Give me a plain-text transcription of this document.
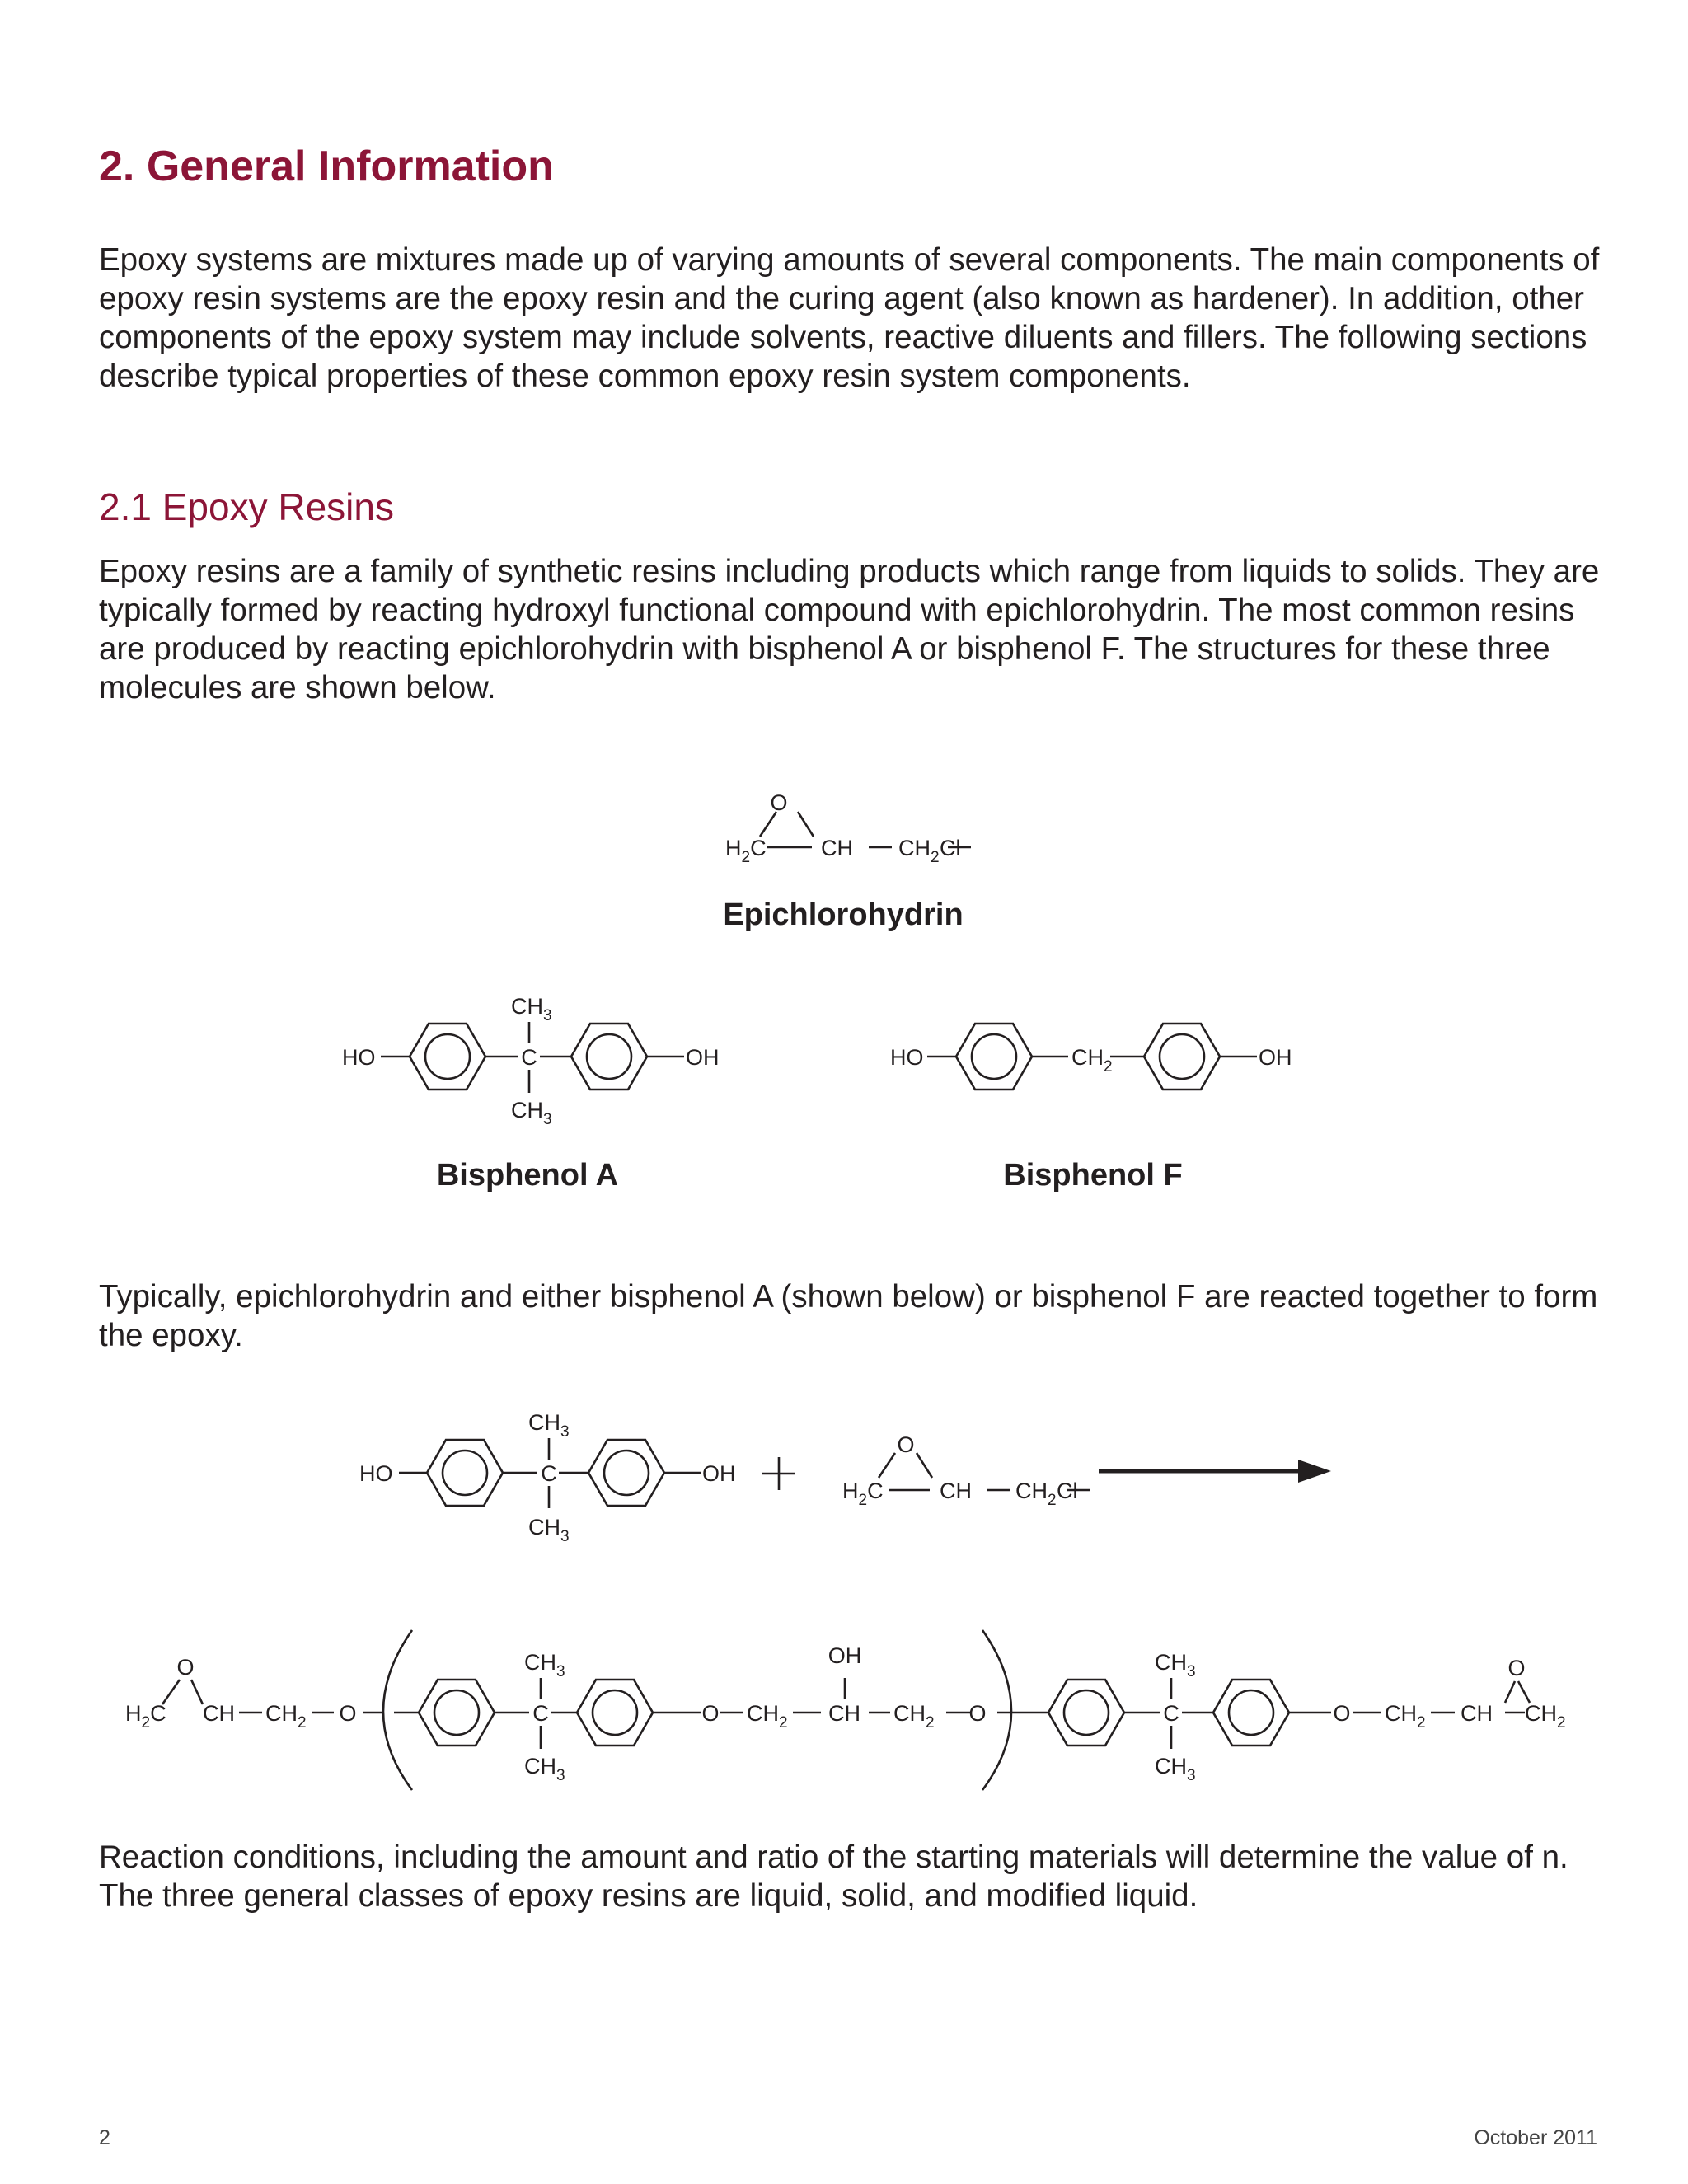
2. General Information

Epoxy systems are mixtures made up of varying amounts of several components. The main components of epoxy resin systems are the epoxy resin and the curing agent (also known as hardener). In addition, other components of the epoxy system may include solvents, reactive diluents and fillers. The following sections describe typical properties of these common epoxy resin system components.

2.1 Epoxy Resins

Epoxy resins are a family of synthetic resins including products which range from liquids to solids. They are typically formed by reacting hydroxyl functional compound with epichlorohydrin. The most common resins are produced by reacting epichlorohydrin with bisphenol A or bisphenol F. The structures for these three molecules are shown below.

O
$H_2C$ CH $CH_2$ Cl
Epichlorohydrin
HO	C
$CH_3$
$CH_3$
OH
Bisphenol A
HO	$CH_2$	OH
Bisphenol F

Typically, epichlorohydrin and either bisphenol A (shown below) or bisphenol F are reacted together to form the epoxy.

HO	C
$CH_3$
$CH_3$
OH
O
$H_2C$	CH $CH_2$ Cl
O
$H_2C$ CH $CH_2$ O	C
$CH_3$
$CH_3$
O $CH_2$ CH
OH
$CH_2$ O	C
$CH_3$
$CH_3$
O $CH_2$ CH
O
$CH_2$

Reaction conditions, including the amount and ratio of the starting materials will determine the value of n. The three general classes of epoxy resins are liquid, solid, and modified liquid.

2	October 2011
